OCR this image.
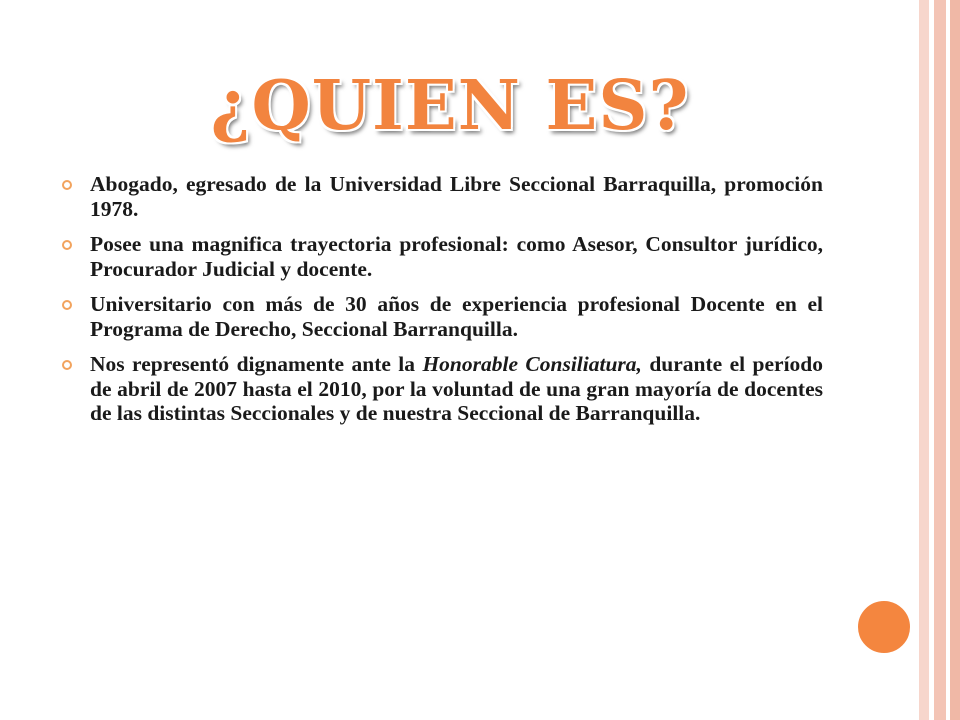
¿QUIEN ES?
Abogado, egresado de la Universidad Libre Seccional Barraquilla, promoción 1978.
Posee una magnifica trayectoria profesional: como Asesor, Consultor jurídico, Procurador Judicial y docente.
Universitario con más de 30 años de experiencia profesional Docente en el Programa de Derecho, Seccional Barranquilla.
Nos representó dignamente ante la Honorable Consiliatura, durante el período de abril de 2007 hasta el 2010, por la voluntad de una gran mayoría de docentes de las distintas Seccionales y de nuestra Seccional de Barranquilla.
